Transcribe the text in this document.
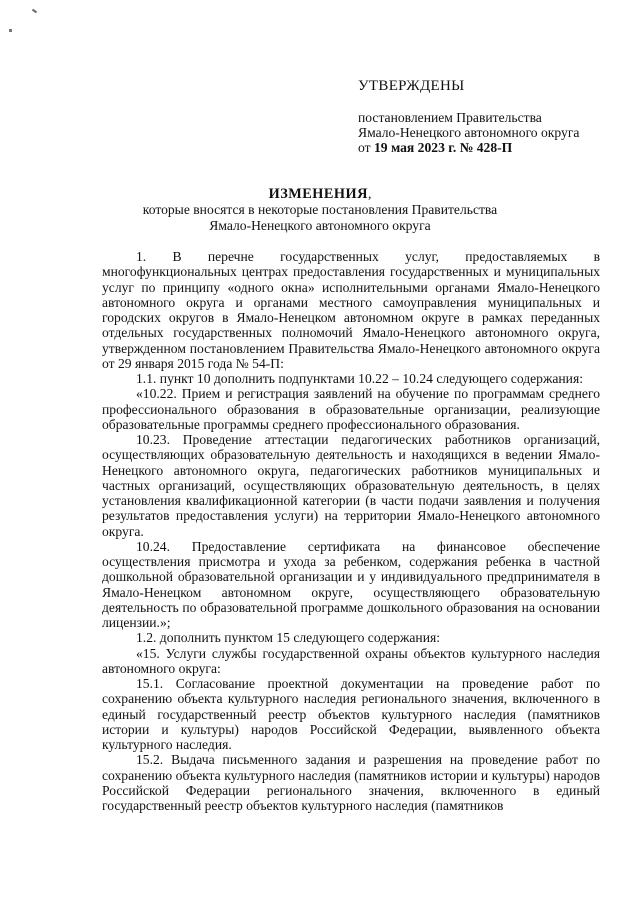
УТВЕРЖДЕНЫ
постановлением Правительства
Ямало-Ненецкого автономного округа
от 19 мая 2023 г. № 428-П
ИЗМЕНЕНИЯ,
которые вносятся в некоторые постановления Правительства
Ямало-Ненецкого автономного округа

1. В перечне государственных услуг, предоставляемых в многофункциональных центрах предоставления государственных и муниципальных услуг по принципу «одного окна» исполнительными органами Ямало-Ненецкого автономного округа и органами местного самоуправления муниципальных и городских округов в Ямало-Ненецком автономном округе в рамках переданных отдельных государственных полномочий Ямало-Ненецкого автономного округа, утвержденном постановлением Правительства Ямало-Ненецкого автономного округа от 29 января 2015 года № 54-П:

1.1. пункт 10 дополнить подпунктами 10.22 – 10.24 следующего содержания:

«10.22. Прием и регистрация заявлений на обучение по программам среднего профессионального образования в образовательные организации, реализующие образовательные программы среднего профессионального образования.

10.23. Проведение аттестации педагогических работников организаций, осуществляющих образовательную деятельность и находящихся в ведении Ямало-Ненецкого автономного округа, педагогических работников муниципальных и частных организаций, осуществляющих образовательную деятельность, в целях установления квалификационной категории (в части подачи заявления и получения результатов предоставления услуги) на территории Ямало-Ненецкого автономного округа.

10.24. Предоставление сертификата на финансовое обеспечение осуществления присмотра и ухода за ребенком, содержания ребенка в частной дошкольной образовательной организации и у индивидуального предпринимателя в Ямало-Ненецком автономном округе, осуществляющего образовательную деятельность по образовательной программе дошкольного образования на основании лицензии.»;

1.2. дополнить пунктом 15 следующего содержания:

«15. Услуги службы государственной охраны объектов культурного наследия автономного округа:

15.1. Согласование проектной документации на проведение работ по сохранению объекта культурного наследия регионального значения, включенного в единый государственный реестр объектов культурного наследия (памятников истории и культуры) народов Российской Федерации, выявленного объекта культурного наследия.

15.2. Выдача письменного задания и разрешения на проведение работ по сохранению объекта культурного наследия (памятников истории и культуры) народов Российской Федерации регионального значения, включенного в единый государственный реестр объектов культурного наследия (памятников
